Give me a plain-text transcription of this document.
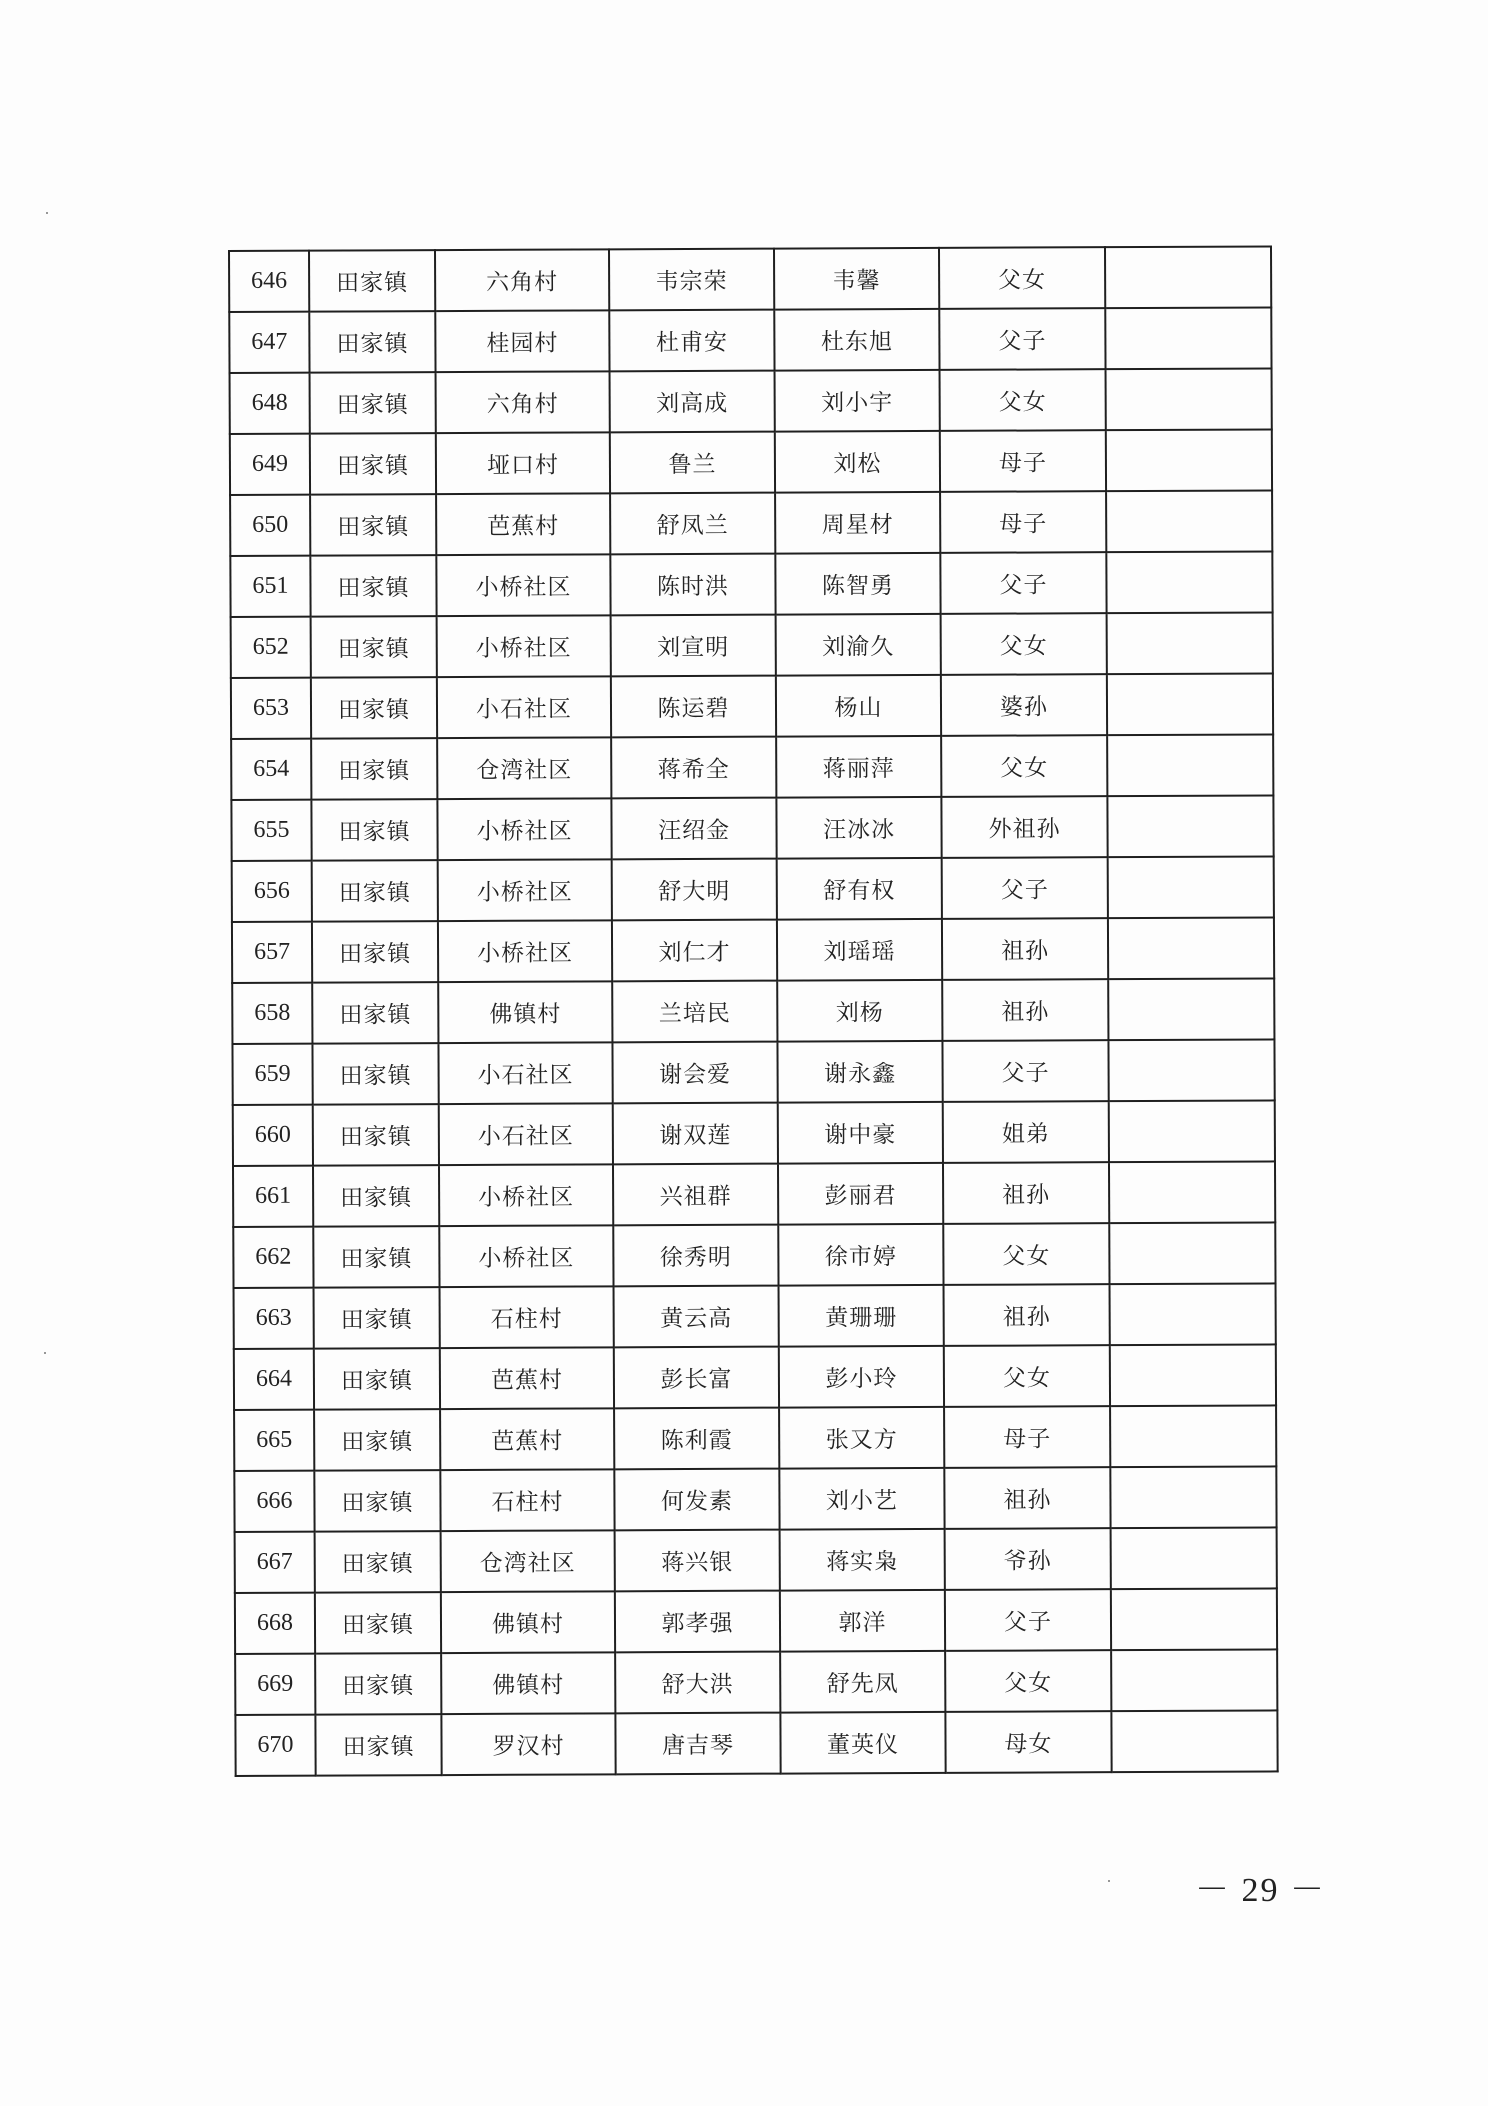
646	田家镇	六角村	韦宗荣	韦馨	父女	
647	田家镇	桂园村	杜甫安	杜东旭	父子	
648	田家镇	六角村	刘高成	刘小宇	父女	
649	田家镇	垭口村	鲁兰	刘松	母子	
650	田家镇	芭蕉村	舒凤兰	周星材	母子	
651	田家镇	小桥社区	陈时洪	陈智勇	父子	
652	田家镇	小桥社区	刘宣明	刘渝久	父女	
653	田家镇	小石社区	陈运碧	杨山	婆孙	
654	田家镇	仓湾社区	蒋希全	蒋丽萍	父女	
655	田家镇	小桥社区	汪绍金	汪冰冰	外祖孙	
656	田家镇	小桥社区	舒大明	舒有权	父子	
657	田家镇	小桥社区	刘仁才	刘瑶瑶	祖孙	
658	田家镇	佛镇村	兰培民	刘杨	祖孙	
659	田家镇	小石社区	谢会爱	谢永鑫	父子	
660	田家镇	小石社区	谢双莲	谢中豪	姐弟	
661	田家镇	小桥社区	兴祖群	彭丽君	祖孙	
662	田家镇	小桥社区	徐秀明	徐市婷	父女	
663	田家镇	石柱村	黄云高	黄珊珊	祖孙	
664	田家镇	芭蕉村	彭长富	彭小玲	父女	
665	田家镇	芭蕉村	陈利霞	张又方	母子	
666	田家镇	石柱村	何发素	刘小艺	祖孙	
667	田家镇	仓湾社区	蒋兴银	蒋实枭	爷孙	
668	田家镇	佛镇村	郭孝强	郭洋	父子	
669	田家镇	佛镇村	舒大洪	舒先凤	父女	
670	田家镇	罗汉村	唐吉琴	董英仪	母女	
－ 29 －
